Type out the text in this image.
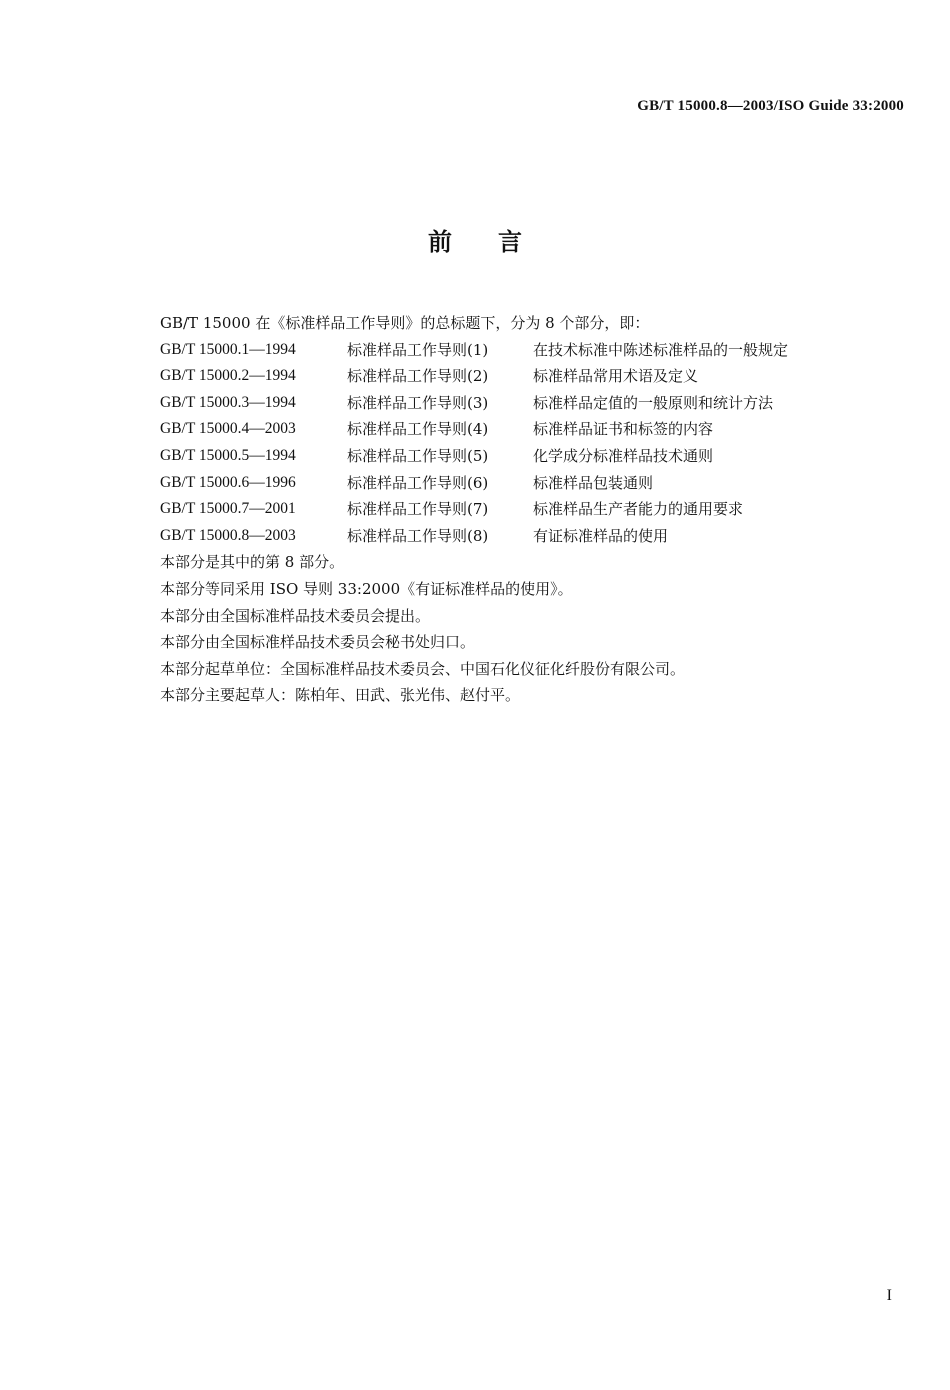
GB/T 15000.8—2003/ISO Guide 33:2000
前 言
GB/T 15000 在《标准样品工作导则》的总标题下，分为 8 个部分，即：
GB/T 15000.1—1994	标准样品工作导则(1)	在技术标准中陈述标准样品的一般规定
GB/T 15000.2—1994	标准样品工作导则(2)	标准样品常用术语及定义
GB/T 15000.3—1994	标准样品工作导则(3)	标准样品定值的一般原则和统计方法
GB/T 15000.4—2003	标准样品工作导则(4)	标准样品证书和标签的内容
GB/T 15000.5—1994	标准样品工作导则(5)	化学成分标准样品技术通则
GB/T 15000.6—1996	标准样品工作导则(6)	标准样品包装通则
GB/T 15000.7—2001	标准样品工作导则(7)	标准样品生产者能力的通用要求
GB/T 15000.8—2003	标准样品工作导则(8)	有证标准样品的使用
本部分是其中的第 8 部分。
本部分等同采用 ISO 导则 33:2000《有证标准样品的使用》。
本部分由全国标准样品技术委员会提出。
本部分由全国标准样品技术委员会秘书处归口。
本部分起草单位：全国标准样品技术委员会、中国石化仪征化纤股份有限公司。
本部分主要起草人：陈柏年、田武、张光伟、赵付平。
I
